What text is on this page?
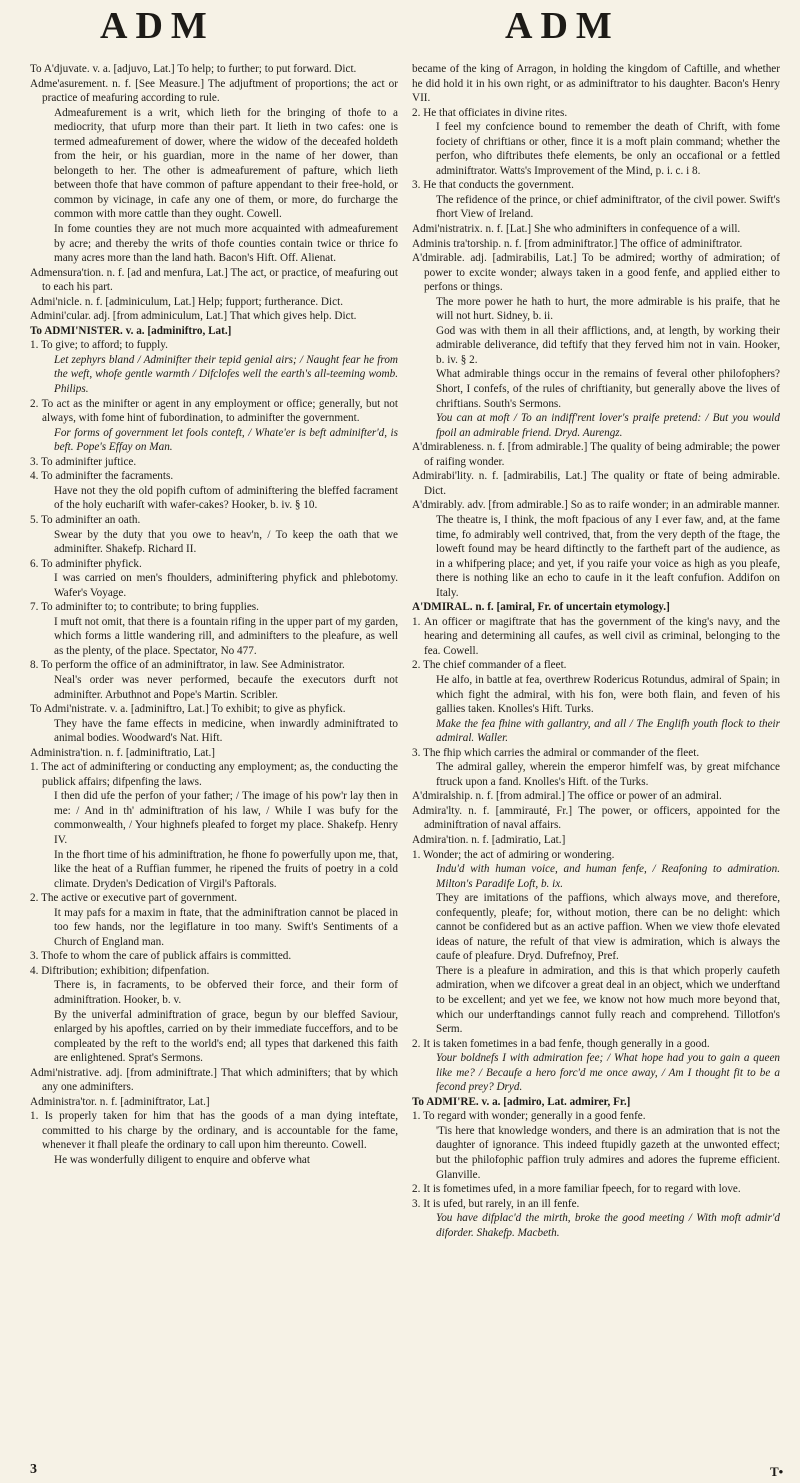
ADM	ADM

To A'djuvate. v. a. [adjuvo, Lat.] To help; to further; to put forward. Dict.

Adme'asurement. n. f. [See Measure.] The adjuftment of proportions; the act or practice of meafuring according to rule.

Admeafurement is a writ, which lieth for the bringing of thofe to a mediocrity, that ufurp more than their part. It lieth in two cafes: one is termed admeafurement of dower, where the widow of the deceafed holdeth from the heir, or his guardian, more in the name of her dower, than belongeth to her. The other is admeafurement of pafture, which lieth between thofe that have common of pafture appendant to their free-hold, or common by vicinage, in cafe any one of them, or more, do furcharge the common with more cattle than they ought. Cowell.

In fome counties they are not much more acquainted with admeafurement by acre; and thereby the writs of thofe counties contain twice or thrice fo many acres more than the land hath. Bacon's Hift. Off. Alienat.

Admensura'tion. n. f. [ad and menfura, Lat.] The act, or practice, of meafuring out to each his part.

Admi'nicle. n. f. [adminiculum, Lat.] Help; fupport; furtherance. Dict.

Admini'cular. adj. [from adminiculum, Lat.] That which gives help. Dict.

To ADMI'NISTER. v. a. [adminiftro, Lat.]

1. To give; to afford; to fupply.

Let zephyrs bland / Adminifter their tepid genial airs; / Naught fear he from the weft, whofe gentle warmth / Difclofes well the earth's all-teeming womb. Philips.

2. To act as the minifter or agent in any employment or office; generally, but not always, with fome hint of fubordination, to adminifter the government.

For forms of government let fools conteft, / Whate'er is beft adminifter'd, is beft. Pope's Effay on Man.

3. To adminifter juftice.

4. To adminifter the facraments.

Have not they the old popifh cuftom of adminiftering the bleffed facrament of the holy euchariſt with wafer-cakes? Hooker, b. iv. § 10.

5. To adminifter an oath.

Swear by the duty that you owe to heav'n, / To keep the oath that we adminifter. Shakefp. Richard II.

6. To adminifter phyfick.

I was carried on men's fhoulders, adminiftering phyfick and phlebotomy. Wafer's Voyage.

7. To adminifter to; to contribute; to bring fupplies.

I muft not omit, that there is a fountain rifing in the upper part of my garden, which forms a little wandering rill, and adminifters to the pleafure, as well as the plenty, of the place. Spectator, No 477.

8. To perform the office of an adminiftrator, in law. See Administrator.

Neal's order was never performed, becaufe the executors durft not adminifter. Arbuthnot and Pope's Martin. Scribler.

To Admi'nistrate. v. a. [adminiftro, Lat.] To exhibit; to give as phyfick.

They have the fame effects in medicine, when inwardly adminiftrated to animal bodies. Woodward's Nat. Hift.

Administra'tion. n. f. [adminiftratio, Lat.]

1. The act of adminiftering or conducting any employment; as, the conducting the publick affairs; difpenfing the laws.

I then did ufe the perfon of your father; / The image of his pow'r lay then in me: / And in th' adminiftration of his law, / While I was bufy for the commonwealth, / Your highnefs pleafed to forget my place. Shakefp. Henry IV.

In the fhort time of his adminiftration, he fhone fo powerfully upon me, that, like the heat of a Ruffian fummer, he ripened the fruits of poetry in a cold climate. Dryden's Dedication of Virgil's Paftorals.

2. The active or executive part of government.

It may pafs for a maxim in ftate, that the adminiftration cannot be placed in too few hands, nor the legiflature in too many. Swift's Sentiments of a Church of England man.

3. Thofe to whom the care of publick affairs is committed.

4. Diftribution; exhibition; difpenfation.

There is, in facraments, to be obferved their force, and their form of adminiftration. Hooker, b. v.

By the univerfal adminiftration of grace, begun by our bleffed Saviour, enlarged by his apoftles, carried on by their immediate fucceffors, and to be compleated by the reft to the world's end; all types that darkened this faith are enlightened. Sprat's Sermons.

Admi'nistrative. adj. [from adminiftrate.] That which adminifters; that by which any one adminifters.

Administra'tor. n. f. [adminiftrator, Lat.]

1. Is properly taken for him that has the goods of a man dying inteftate, committed to his charge by the ordinary, and is accountable for the fame, whenever it fhall pleafe the ordinary to call upon him thereunto. Cowell.

He was wonderfully diligent to enquire and obferve what

became of the king of Arragon, in holding the kingdom of Caftille, and whether he did hold it in his own right, or as adminiftrator to his daughter. Bacon's Henry VII.

2. He that officiates in divine rites.

I feel my confcience bound to remember the death of Chrift, with fome fociety of chriftians or other, fince it is a moft plain command; whether the perfon, who diftributes thefe elements, be only an occafional or a fettled adminiftrator. Watts's Improvement of the Mind, p. i. c. i 8.

3. He that conducts the government.

The refidence of the prince, or chief adminiftrator, of the civil power. Swift's fhort View of Ireland.

Admi'nistratrix. n. f. [Lat.] She who adminifters in confequence of a will.

Adminis tra'torship. n. f. [from adminiftrator.] The office of adminiftrator.

A'dmirable. adj. [admirabilis, Lat.] To be admired; worthy of admiration; of power to excite wonder; always taken in a good fenfe, and applied either to perfons or things.

The more power he hath to hurt, the more admirable is his praife, that he will not hurt. Sidney, b. ii.

God was with them in all their afflictions, and, at length, by working their admirable deliverance, did teftify that they ferved him not in vain. Hooker, b. iv. § 2.

What admirable things occur in the remains of feveral other philofophers? Short, I confefs, of the rules of chriftianity, but generally above the lives of chriftians. South's Sermons.

You can at moft / To an indiff'rent lover's praife pretend: / But you would fpoil an admirable friend. Dryd. Aurengz.

A'dmirableness. n. f. [from admirable.] The quality of being admirable; the power of raifing wonder.

Admirabi'lity. n. f. [admirabilis, Lat.] The quality or ftate of being admirable. Dict.

A'dmirably. adv. [from admirable.] So as to raife wonder; in an admirable manner.

The theatre is, I think, the moft fpacious of any I ever faw, and, at the fame time, fo admirably well contrived, that, from the very depth of the ftage, the loweft found may be heard diftinctly to the fartheft part of the audience, as in a whifpering place; and yet, if you raife your voice as high as you pleafe, there is nothing like an echo to caufe in it the leaft confufion. Addifon on Italy.

A'DMIRAL. n. f. [amiral, Fr. of uncertain etymology.]

1. An officer or magiftrate that has the government of the king's navy, and the hearing and determining all caufes, as well civil as criminal, belonging to the fea. Cowell.

2. The chief commander of a fleet.

He alfo, in battle at fea, overthrew Rodericus Rotundus, admiral of Spain; in which fight the admiral, with his fon, were both flain, and feven of his gallies taken. Knolles's Hift. Turks.

Make the fea fhine with gallantry, and all / The Englifh youth flock to their admiral. Waller.

3. The fhip which carries the admiral or commander of the fleet.

The admiral galley, wherein the emperor himfelf was, by great mifchance ftruck upon a fand. Knolles's Hift. of the Turks.

A'dmiralship. n. f. [from admiral.] The office or power of an admiral.

Admira'lty. n. f. [ammirauté, Fr.] The power, or officers, appointed for the adminiftration of naval affairs.

Admira'tion. n. f. [admiratio, Lat.]

1. Wonder; the act of admiring or wondering.

Indu'd with human voice, and human fenfe, / Reafoning to admiration. Milton's Paradife Loft, b. ix.

They are imitations of the paffions, which always move, and therefore, confequently, pleafe; for, without motion, there can be no delight: which cannot be confidered but as an active paffion. When we view thofe elevated ideas of nature, the refult of that view is admiration, which is always the caufe of pleafure. Dryd. Dufrefnoy, Pref.

There is a pleafure in admiration, and this is that which properly caufeth admiration, when we difcover a great deal in an object, which we underftand to be excellent; and yet we fee, we know not how much more beyond that, which our underftandings cannot fully reach and comprehend. Tillotfon's Serm.

2. It is taken fometimes in a bad fenfe, though generally in a good.

Your boldnefs I with admiration fee; / What hope had you to gain a queen like me? / Becaufe a hero forc'd me once away, / Am I thought fit to be a fecond prey? Dryd.

To ADMI'RE. v. a. [admiro, Lat. admirer, Fr.]

1. To regard with wonder; generally in a good fenfe.

'Tis here that knowledge wonders, and there is an admiration that is not the daughter of ignorance. This indeed ftupidly gazeth at the unwonted effect; but the philofophic paffion truly admires and adores the fupreme efficient. Glanville.

2. It is fometimes ufed, in a more familiar fpeech, for to regard with love.

3. It is ufed, but rarely, in an ill fenfe.

You have difplac'd the mirth, broke the good meeting / With moft admir'd diforder. Shakefp. Macbeth.

3	T•
